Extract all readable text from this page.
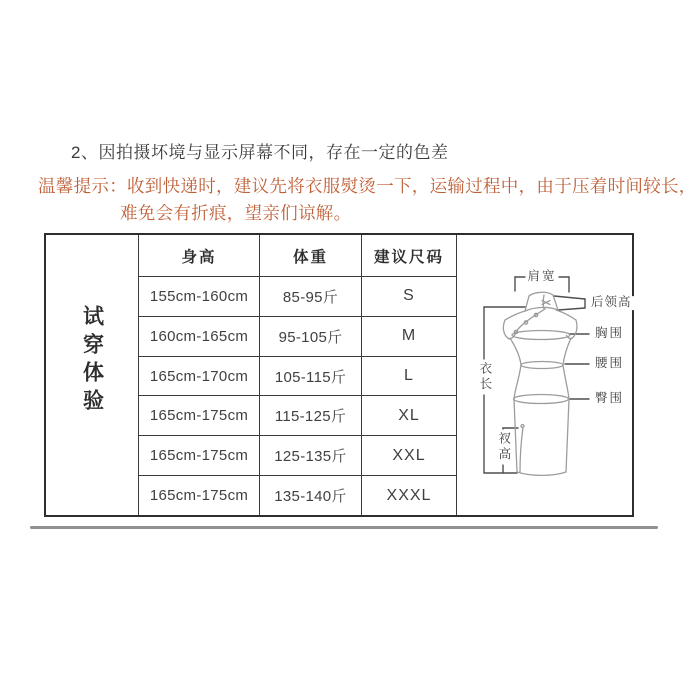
2、因拍摄坏境与显示屏幕不同，存在一定的色差
温馨提示：收到快递时，建议先将衣服熨烫一下，运输过程中，由于压着时间较长，
难免会有折痕，望亲们谅解。
试穿体验
身高	体重	建议尺码
155cm-160cm	85-95斤	S
160cm-165cm	95-105斤	M
165cm-170cm	105-115斤	L
165cm-175cm	115-125斤	XL
165cm-175cm	125-135斤	XXL
165cm-175cm	135-140斤	XXXL
肩宽
后领高
胸围
腰围
臀围
衣长
衩高
